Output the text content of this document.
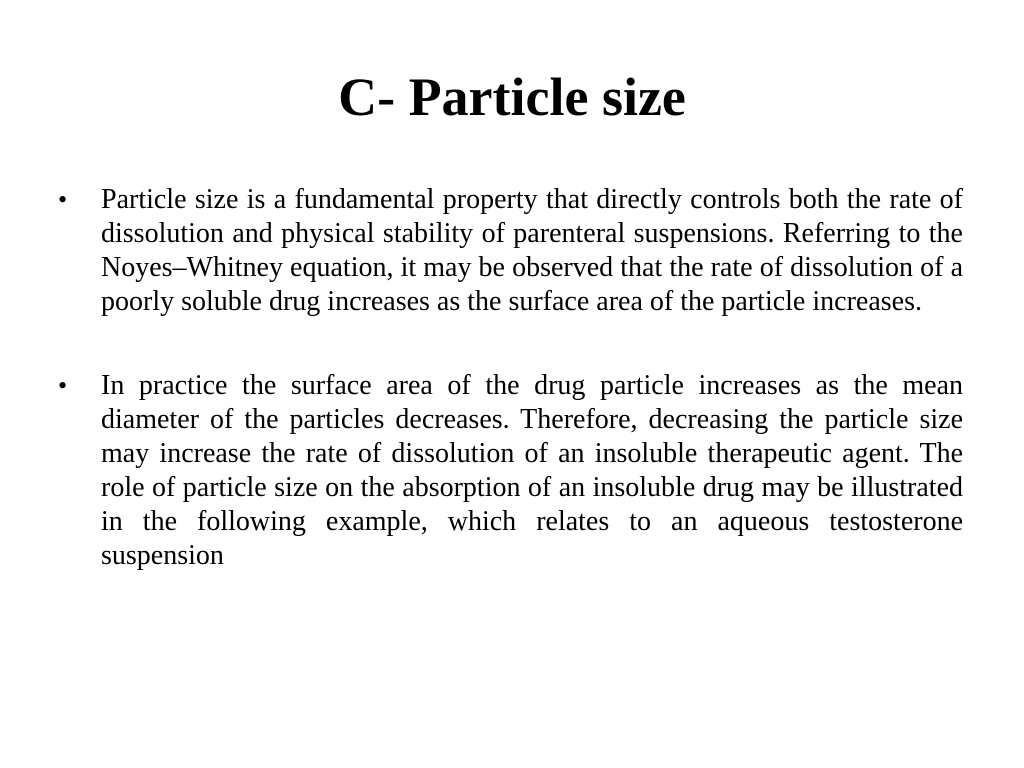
C- Particle size
• Particle size is a fundamental property that directly controls both the rate of dissolution and physical stability of parenteral suspensions. Referring to the Noyes–Whitney equation, it may be observed that the rate of dissolution of a poorly soluble drug increases as the surface area of the particle increases.
• In practice the surface area of the drug particle increases as the mean diameter of the particles decreases. Therefore, decreasing the particle size may increase the rate of dissolution of an insoluble therapeutic agent. The role of particle size on the absorption of an insoluble drug may be illustrated in the following example, which relates to an aqueous testosterone suspension
